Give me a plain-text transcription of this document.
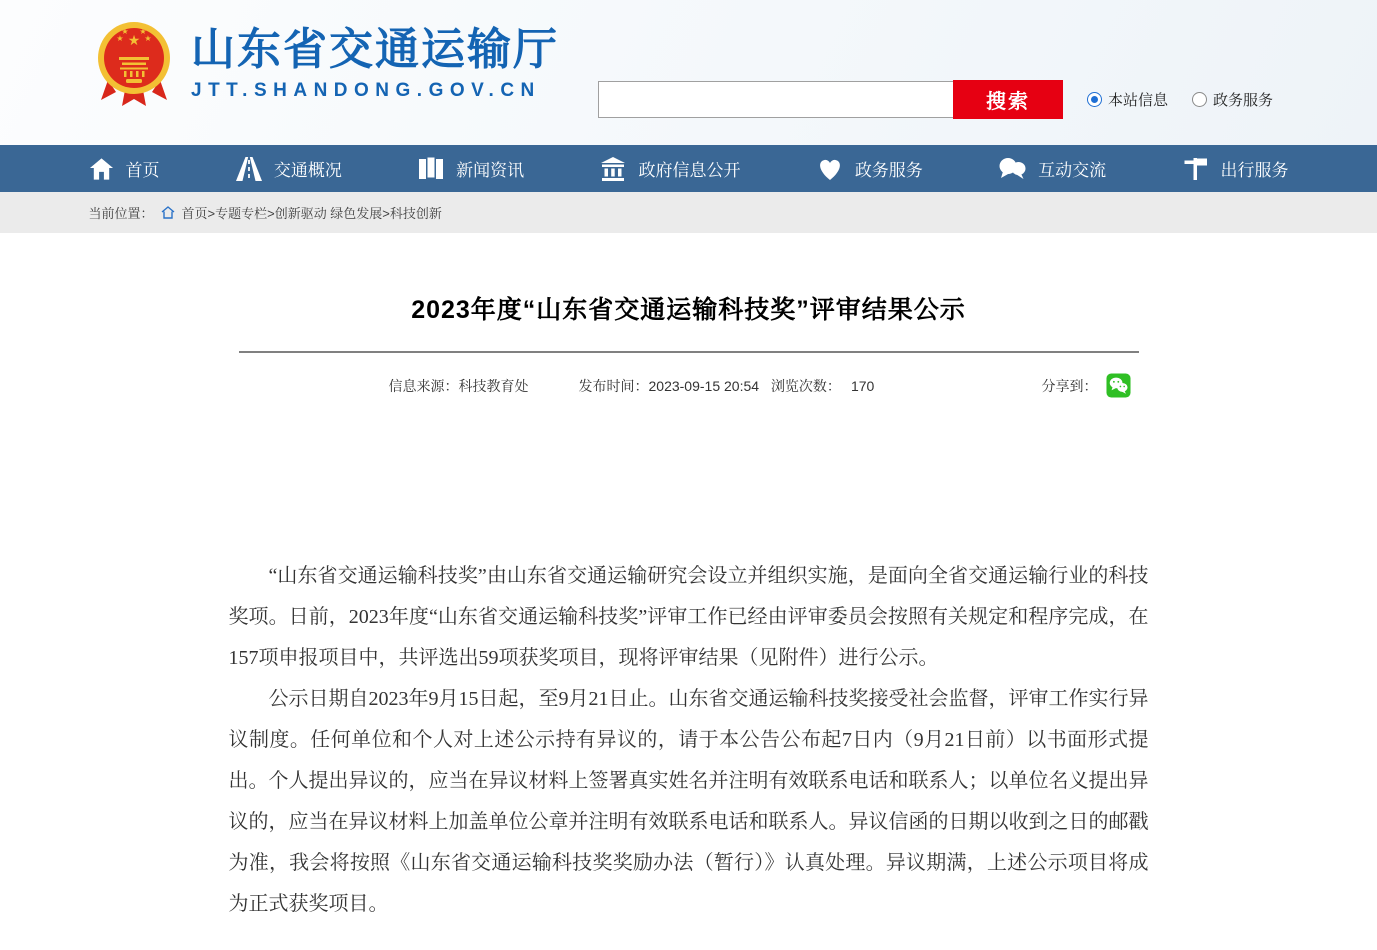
★
★	★
★ ★ 山东省交通运输厅
JTT.SHANDONG.GOV.CN
搜索	本站信息	政务服务
首页	交通概况	新闻资讯	政府信息公开	政务服务	互动交流	出行服务
当前位置： 首页>专题专栏>创新驱动 绿色发展>科技创新
2023年度“山东省交通运输科技奖”评审结果公示
信息来源：科技教育处	发布时间：2023-09-15 20:54 浏览次数： 170	分享到：

“山东省交通运输科技奖”由山东省交通运输研究会设立并组织实施，是面向全省交通运输行业的科技奖项。日前，2023年度“山东省交通运输科技奖”评审工作已经由评审委员会按照有关规定和程序完成，在157项申报项目中，共评选出59项获奖项目，现将评审结果（见附件）进行公示。

公示日期自2023年9月15日起，至9月21日止。山东省交通运输科技奖接受社会监督，评审工作实行异议制度。任何单位和个人对上述公示持有异议的，请于本公告公布起7日内（9月21日前）以书面形式提出。个人提出异议的，应当在异议材料上签署真实姓名并注明有效联系电话和联系人；以单位名义提出异议的，应当在异议材料上加盖单位公章并注明有效联系电话和联系人。异议信函的日期以收到之日的邮戳为准，我会将按照《山东省交通运输科技奖奖励办法（暂行）》认真处理。异议期满，上述公示项目将成为正式获奖项目。
